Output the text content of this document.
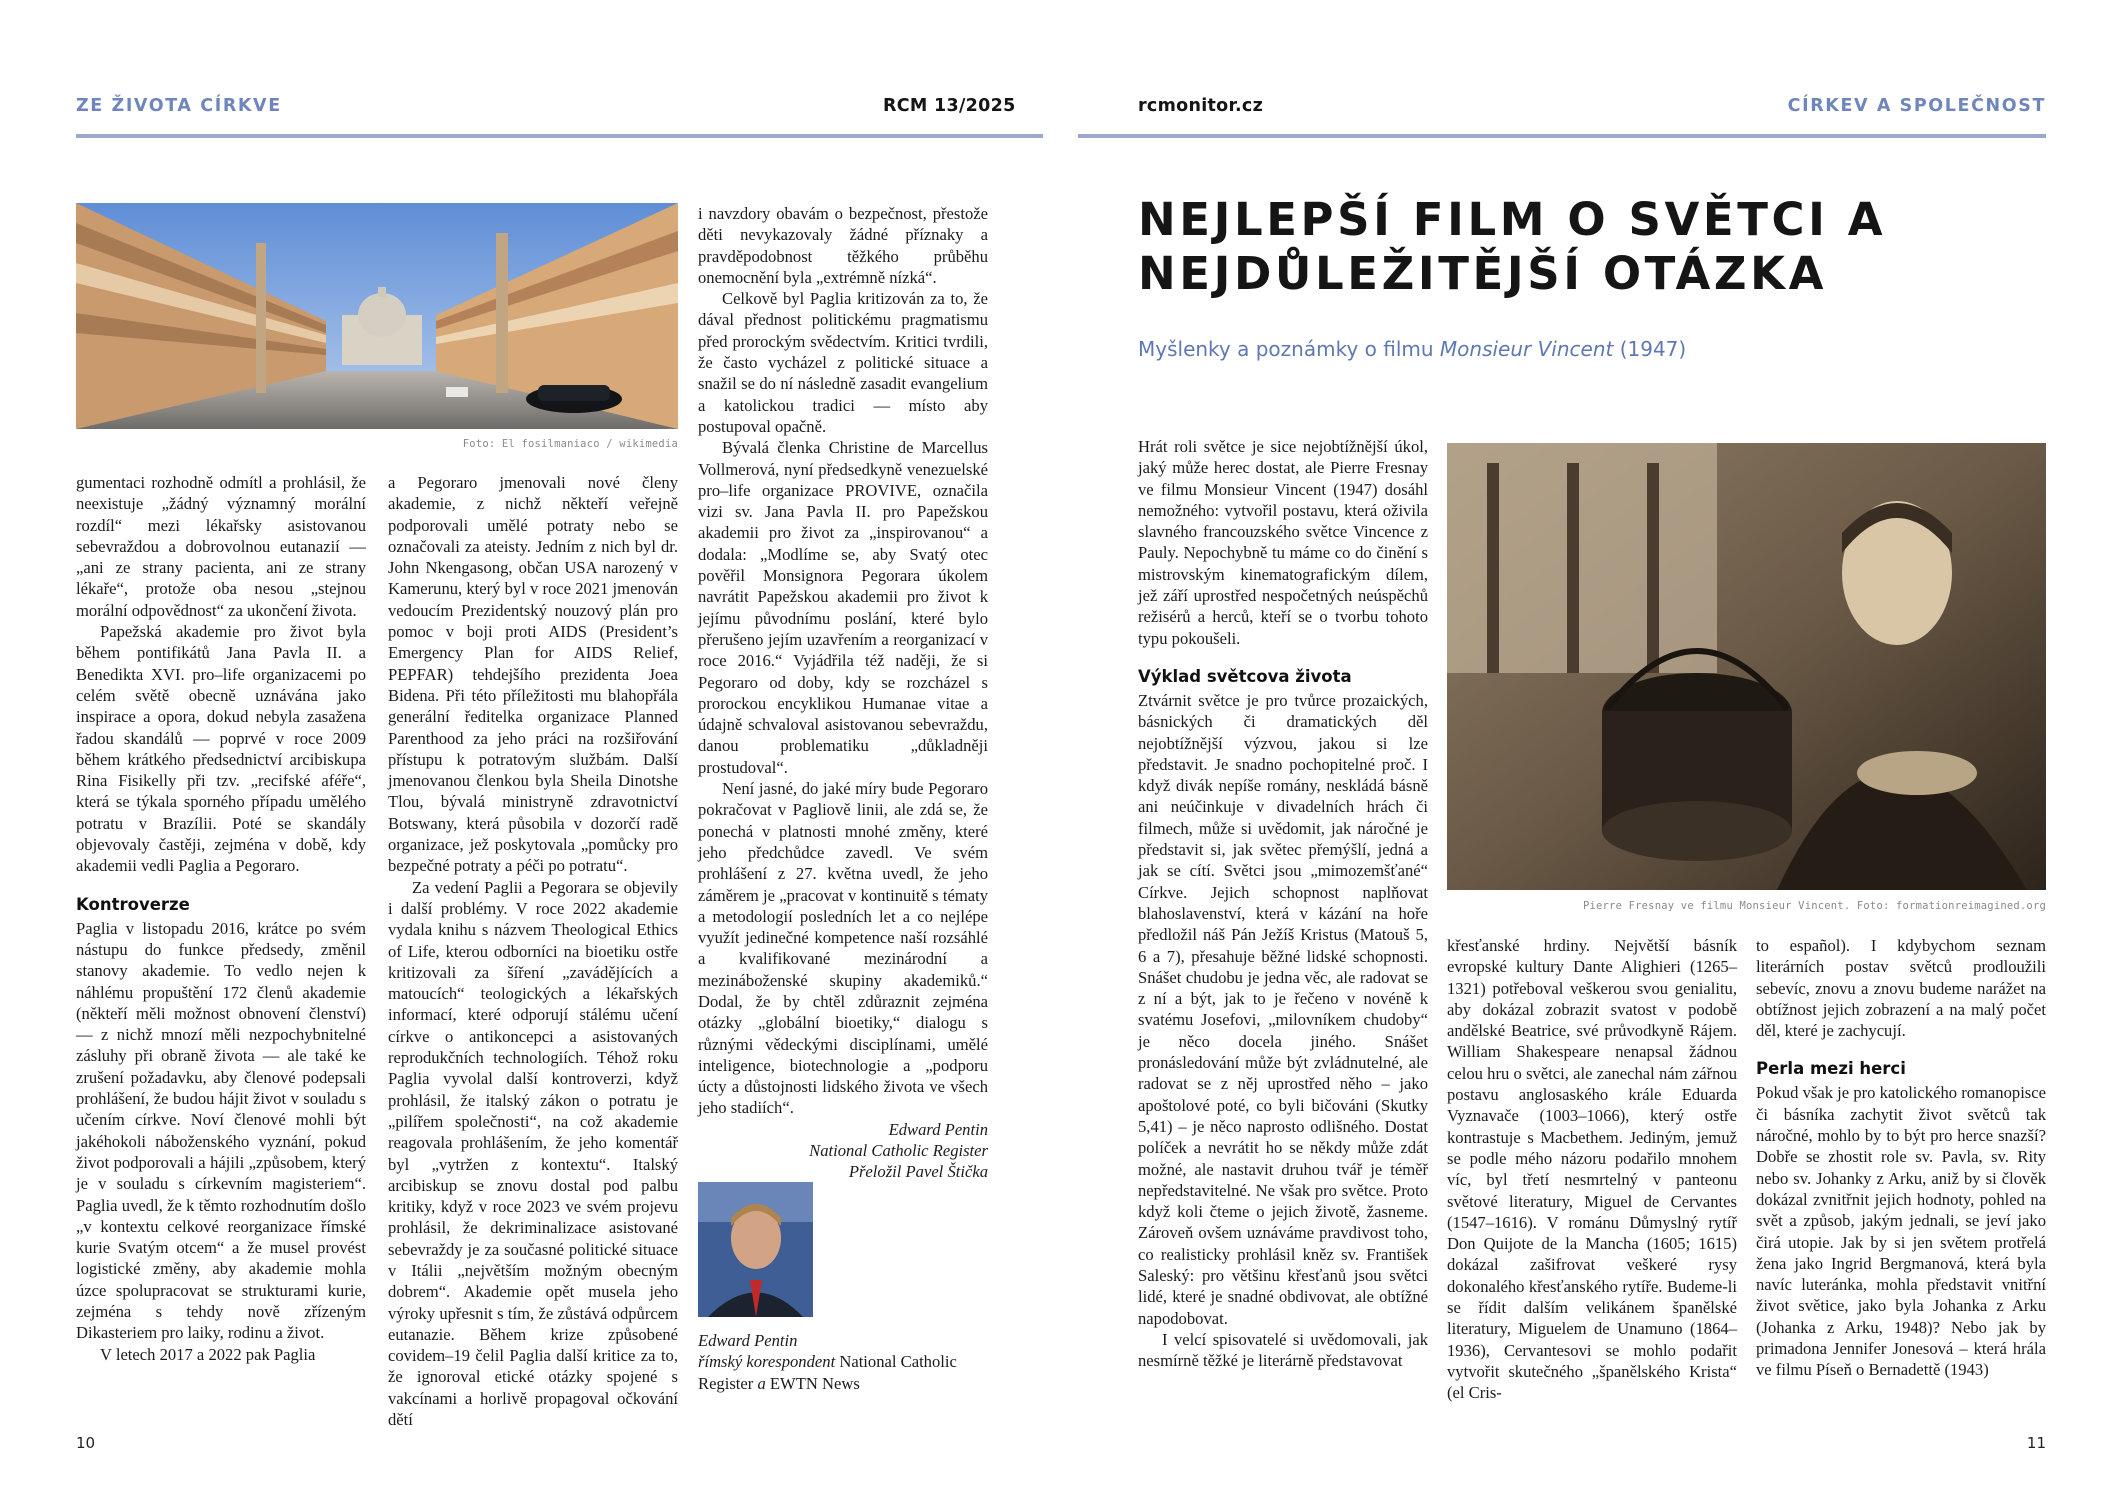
ZE ŽIVOTA CÍRKVE	RCM 13/2025	rcmonitor.cz	CÍRKEV A SPOLEČNOST
Foto: El fosilmaniaco / wikimedia

gumentaci rozhodně odmítl a prohlásil, že neexistuje „žádný významný morální rozdíl“ mezi lékařsky asistovanou sebevraždou a dobrovolnou eutanazií — „ani ze strany pacienta, ani ze strany lékaře“, protože oba nesou „stejnou morální odpovědnost“ za ukončení života.

Papežská akademie pro život byla během pontifikátů Jana Pavla II. a Benedikta XVI. pro–life organizacemi po celém světě obecně uznávána jako inspirace a opora, dokud nebyla zasažena řadou skandálů — poprvé v roce 2009 během krátkého předsednictví arcibiskupa Rina Fisikelly při tzv. „recifské aféře“, která se týkala sporného případu umělého potratu v Brazílii. Poté se skandály objevovaly častěji, zejména v době, kdy akademii vedli Paglia a Pegoraro.

Kontroverze

Paglia v listopadu 2016, krátce po svém nástupu do funkce předsedy, změnil stanovy akademie. To vedlo nejen k náhlému propuštění 172 členů akademie (někteří měli možnost obnovení členství) — z nichž mnozí měli nezpochybnitelné zásluhy při obraně života — ale také ke zrušení požadavku, aby členové podepsali prohlášení, že budou hájit život v souladu s učením církve. Noví členové mohli být jakéhokoli náboženského vyznání, pokud život podporovali a hájili „způsobem, který je v souladu s církevním magisteriem“. Paglia uvedl, že k těmto rozhodnutím došlo „v kontextu celkové reorganizace římské kurie Svatým otcem“ a že musel provést logistické změny, aby akademie mohla úzce spolupracovat se strukturami kurie, zejména s tehdy nově zřízeným Dikasteriem pro laiky, rodinu a život.

V letech 2017 a 2022 pak Paglia

a Pegoraro jmenovali nové členy akademie, z nichž někteří veřejně podporovali umělé potraty nebo se označovali za ateisty. Jedním z nich byl dr. John Nkengasong, občan USA narozený v Kamerunu, který byl v roce 2021 jmenován vedoucím Prezidentský nouzový plán pro pomoc v boji proti AIDS (President’s Emergency Plan for AIDS Relief, PEPFAR) tehdejšího prezidenta Joea Bidena. Při této příležitosti mu blahopřála generální ředitelka organizace Planned Parenthood za jeho práci na rozšiřování přístupu k potratovým službám. Další jmenovanou členkou byla Sheila Dinotshe Tlou, bývalá ministryně zdravotnictví Botswany, která působila v dozorčí radě organizace, jež poskytovala „pomůcky pro bezpečné potraty a péči po potratu“.

Za vedení Paglii a Pegorara se objevily i další problémy. V roce 2022 akademie vydala knihu s názvem Theological Ethics of Life, kterou odborníci na bioetiku ostře kritizovali za šíření „zavádějících a matoucích“ teologických a lékařských informací, které odporují stálému učení církve o antikoncepci a asistovaných reprodukčních technologiích. Téhož roku Paglia vyvolal další kontroverzi, když prohlásil, že italský zákon o potratu je „pilířem společnosti“, na což akademie reagovala prohlášením, že jeho komentář byl „vytržen z kontextu“. Italský arcibiskup se znovu dostal pod palbu kritiky, když v roce 2023 ve svém projevu prohlásil, že dekriminalizace asistované sebevraždy je za současné politické situace v Itálii „největším možným obecným dobrem“. Akademie opět musela jeho výroky upřesnit s tím, že zůstává odpůrcem eutanazie. Během krize způsobené covidem–19 čelil Paglia další kritice za to, že ignoroval etické otázky spojené s vakcínami a horlivě propagoval očkování dětí

i navzdory obavám o bezpečnost, přestože děti nevykazovaly žádné příznaky a pravděpodobnost těžkého průběhu onemocnění byla „extrémně nízká“.

Celkově byl Paglia kritizován za to, že dával přednost politickému pragmatismu před prorockým svědectvím. Kritici tvrdili, že často vycházel z politické situace a snažil se do ní následně zasadit evangelium a katolickou tradici — místo aby postupoval opačně.

Bývalá členka Christine de Marcellus Vollmerová, nyní předsedkyně venezuelské pro–life organizace PROVIVE, označila vizi sv. Jana Pavla II. pro Papežskou akademii pro život za „inspirovanou“ a dodala: „Modlíme se, aby Svatý otec pověřil Monsignora Pegorara úkolem navrátit Papežskou akademii pro život k jejímu původnímu poslání, které bylo přerušeno jejím uzavřením a reorganizací v roce 2016.“ Vyjádřila též naději, že si Pegoraro od doby, kdy se rozcházel s prorockou encyklikou Humanae vitae a údajně schvaloval asistovanou sebevraždu, danou problematiku „důkladněji prostudoval“.

Není jasné, do jaké míry bude Pegoraro pokračovat v Pagliově linii, ale zdá se, že ponechá v platnosti mnohé změny, které jeho předchůdce zavedl. Ve svém prohlášení z 27. května uvedl, že jeho záměrem je „pracovat v kontinuitě s tématy a metodologií posledních let a co nejlépe využít jedinečné kompetence naší rozsáhlé a kvalifikované mezinárodní a mezináboženské skupiny akademiků.“ Dodal, že by chtěl zdůraznit zejména otázky „globální bioetiky,“ dialogu s různými vědeckými disciplínami, umělé inteligence, biotechnologie a „podporu úcty a důstojnosti lidského života ve všech jeho stadiích“.

Edward Pentin

National Catholic Register

Přeložil Pavel Štička

Edward Pentin
římský korespondent National Catholic
Register a EWTN News
NEJLEPŠÍ FILM O SVĚTCI A NEJDŮLEŽITĚJŠÍ OTÁZKA
Myšlenky a poznámky o filmu Monsieur Vincent (1947)
Pierre Fresnay ve filmu Monsieur Vincent. Foto: formationreimagined.org

Hrát roli světce je sice nejobtížnější úkol, jaký může herec dostat, ale Pierre Fresnay ve filmu Monsieur Vincent (1947) dosáhl nemožného: vytvořil postavu, která oživila slavného francouzského světce Vincence z Pauly. Nepochybně tu máme co do činění s mistrovským kinematografickým dílem, jež září uprostřed nespočetných neúspěchů režisérů a herců, kteří se o tvorbu tohoto typu pokoušeli.

Výklad světcova života

Ztvárnit světce je pro tvůrce prozaických, básnických či dramatických děl nejobtížnější výzvou, jakou si lze představit. Je snadno pochopitelné proč. I když divák nepíše romány, neskládá básně ani neúčinkuje v divadelních hrách či filmech, může si uvědomit, jak náročné je představit si, jak světec přemýšlí, jedná a jak se cítí. Světci jsou „mimozemšťané“ Církve. Jejich schopnost naplňovat blahoslavenství, která v kázání na hoře předložil náš Pán Ježíš Kristus (Matouš 5, 6 a 7), přesahuje běžné lidské schopnosti. Snášet chudobu je jedna věc, ale radovat se z ní a být, jak to je řečeno v novéně k svatému Josefovi, „milovníkem chudoby“ je něco docela jiného. Snášet pronásledování může být zvládnutelné, ale radovat se z něj uprostřed něho – jako apoštolové poté, co byli bičováni (Skutky 5,41) – je něco naprosto odlišného. Dostat políček a nevrátit ho se někdy může zdát možné, ale nastavit druhou tvář je téměř nepředstavitelné. Ne však pro světce. Proto když koli čteme o jejich životě, žasneme. Zároveň ovšem uznáváme pravdivost toho, co realisticky prohlásil kněz sv. František Saleský: pro většinu křesťanů jsou světci lidé, které je snadné obdivovat, ale obtížné napodobovat.

I velcí spisovatelé si uvědomovali, jak nesmírně těžké je literárně představovat

křesťanské hrdiny. Největší básník evropské kultury Dante Alighieri (1265–1321) potřeboval veškerou svou genialitu, aby dokázal zobrazit svatost v podobě andělské Beatrice, své průvodkyně Rájem. William Shakespeare nenapsal žádnou celou hru o světci, ale zanechal nám zářnou postavu anglosaského krále Eduarda Vyznavače (1003–1066), který ostře kontrastuje s Macbethem. Jediným, jemuž se podle mého názoru podařilo mnohem víc, byl třetí nesmrtelný v panteonu světové literatury, Miguel de Cervantes (1547–1616). V románu Důmyslný rytíř Don Quijote de la Mancha (1605; 1615) dokázal zašifrovat veškeré rysy dokonalého křesťanského rytíře. Budeme-li se řídit dalším velikánem španělské literatury, Miguelem de Unamuno (1864–1936), Cervantesovi se mohlo podařit vytvořit skutečného „španělského Krista“ (el Cris-

to español). I kdybychom seznam literárních postav světců prodloužili sebevíc, znovu a znovu budeme narážet na obtížnost jejich zobrazení a na malý počet děl, které je zachycují.

Perla mezi herci

Pokud však je pro katolického romanopisce či básníka zachytit život světců tak náročné, mohlo by to být pro herce snazší? Dobře se zhostit role sv. Pavla, sv. Rity nebo sv. Johanky z Arku, aniž by si člověk dokázal zvnitřnit jejich hodnoty, pohled na svět a způsob, jakým jednali, se jeví jako čirá utopie. Jak by si jen světem protřelá žena jako Ingrid Bergmanová, která byla navíc luteránka, mohla představit vnitřní život světice, jako byla Johanka z Arku (Johanka z Arku, 1948)? Nebo jak by primadona Jennifer Jonesová – která hrála ve filmu Píseň o Bernadettě (1943)

10	11
